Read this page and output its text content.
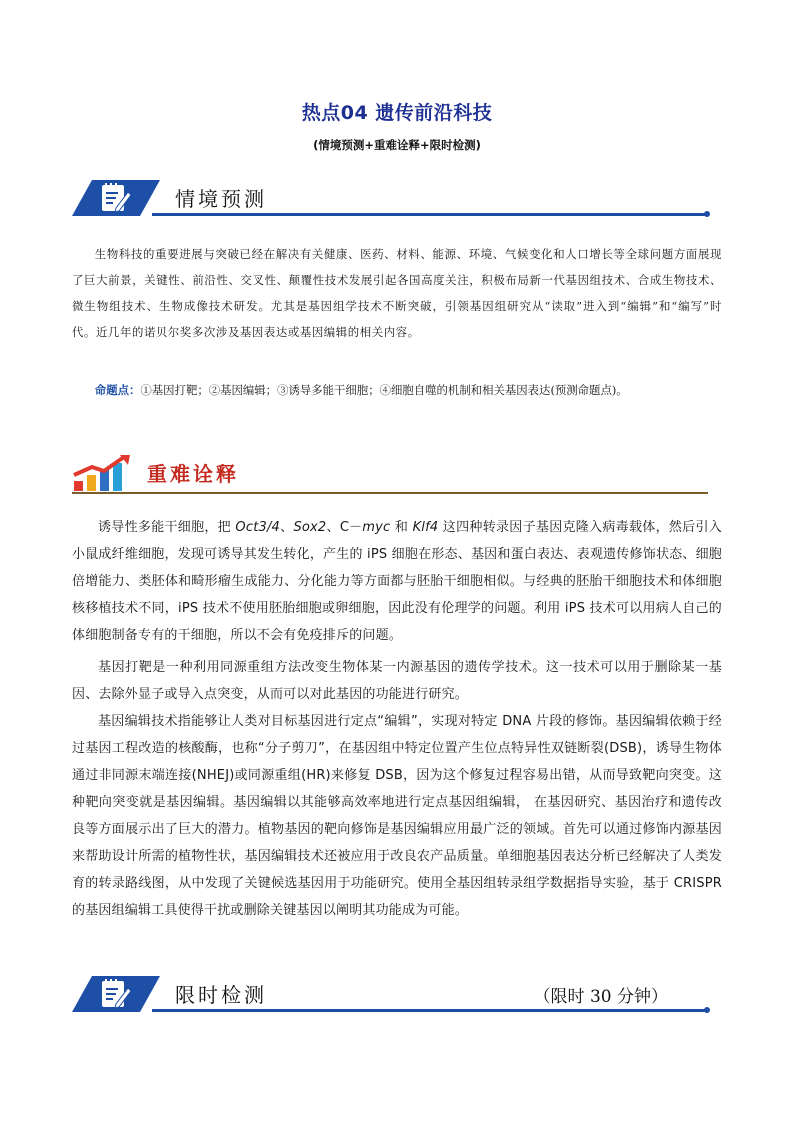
热点04 遗传前沿科技
(情境预测+重难诠释+限时检测)
情境预测
生物科技的重要进展与突破已经在解决有关健康、医药、材料、能源、环境、气候变化和人口增长等全球问题方面展现了巨大前景，关键性、前沿性、交叉性、颠覆性技术发展引起各国高度关注，积极布局新一代基因组技术、合成生物技术、微生物组技术、生物成像技术研发。尤其是基因组学技术不断突破，引领基因组研究从“读取”进入到“编辑”和“编写”时代。近几年的诺贝尔奖多次涉及基因表达或基因编辑的相关内容。
命题点：①基因打靶；②基因编辑；③诱导多能干细胞；④细胞自噬的机制和相关基因表达(预测命题点)。
重难诠释
诱导性多能干细胞，把 Oct3/4、Sox2、C－myc 和 Klf4 这四种转录因子基因克隆入病毒载体，然后引入小鼠成纤维细胞，发现可诱导其发生转化，产生的 iPS 细胞在形态、基因和蛋白表达、表观遗传修饰状态、细胞倍增能力、类胚体和畸形瘤生成能力、分化能力等方面都与胚胎干细胞相似。与经典的胚胎干细胞技术和体细胞核移植技术不同，iPS 技术不使用胚胎细胞或卵细胞，因此没有伦理学的问题。利用 iPS 技术可以用病人自己的体细胞制备专有的干细胞，所以不会有免疫排斥的问题。
基因打靶是一种利用同源重组方法改变生物体某一内源基因的遗传学技术。这一技术可以用于删除某一基因、去除外显子或导入点突变，从而可以对此基因的功能进行研究。
基因编辑技术指能够让人类对目标基因进行定点“编辑”，实现对特定 DNA 片段的修饰。基因编辑依赖于经过基因工程改造的核酸酶，也称“分子剪刀”，在基因组中特定位置产生位点特异性双链断裂(DSB)，诱导生物体通过非同源末端连接(NHEJ)或同源重组(HR)来修复 DSB，因为这个修复过程容易出错，从而导致靶向突变。这种靶向突变就是基因编辑。基因编辑以其能够高效率地进行定点基因组编辑， 在基因研究、基因治疗和遗传改良等方面展示出了巨大的潜力。植物基因的靶向修饰是基因编辑应用最广泛的领域。首先可以通过修饰内源基因来帮助设计所需的植物性状，基因编辑技术还被应用于改良农产品质量。单细胞基因表达分析已经解决了人类发育的转录路线图，从中发现了关键候选基因用于功能研究。使用全基因组转录组学数据指导实验，基于 CRISPR 的基因组编辑工具使得干扰或删除关键基因以阐明其功能成为可能。
限时检测	（限时 30 分钟）
